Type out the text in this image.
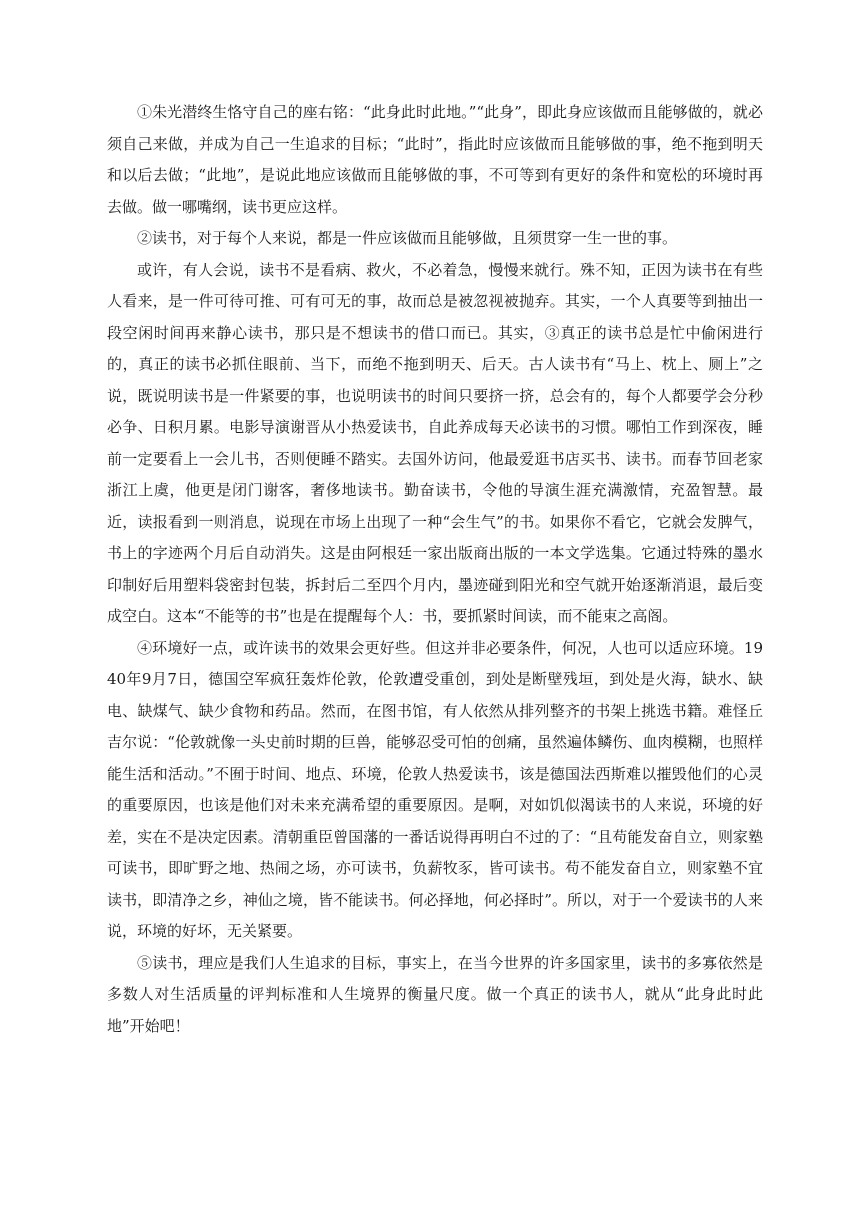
①朱光潜终生恪守自己的座右铭：“此身此时此地。”“此身”，即此身应该做而且能够做的，就必须自己来做，并成为自己一生追求的目标；“此时”，指此时应该做而且能够做的事，绝不拖到明天和以后去做；“此地”，是说此地应该做而且能够做的事，不可等到有更好的条件和宽松的环境时再去做。做一哪嘴纲，读书更应这样。

②读书，对于每个人来说，都是一件应该做而且能够做，且须贯穿一生一世的事。

或许，有人会说，读书不是看病、救火，不必着急，慢慢来就行。殊不知，正因为读书在有些人看来，是一件可待可推、可有可无的事，故而总是被忽视被抛弃。其实，一个人真要等到抽出一段空闲时间再来静心读书，那只是不想读书的借口而已。其实，③真正的读书总是忙中偷闲进行的，真正的读书必抓住眼前、当下，而绝不拖到明天、后天。古人读书有“马上、枕上、厕上”之说，既说明读书是一件紧要的事，也说明读书的时间只要挤一挤，总会有的，每个人都要学会分秒必争、日积月累。电影导演谢晋从小热爱读书，自此养成每天必读书的习惯。哪怕工作到深夜，睡前一定要看上一会儿书，否则便睡不踏实。去国外访问，他最爱逛书店买书、读书。而春节回老家浙江上虞，他更是闭门谢客，奢侈地读书。勤奋读书，令他的导演生涯充满激情，充盈智慧。最近，读报看到一则消息，说现在市场上出现了一种“会生气”的书。如果你不看它，它就会发脾气，书上的字迹两个月后自动消失。这是由阿根廷一家出版商出版的一本文学选集。它通过特殊的墨水印制好后用塑料袋密封包装，拆封后二至四个月内，墨迹碰到阳光和空气就开始逐渐消退，最后变成空白。这本“不能等的书”也是在提醒每个人：书，要抓紧时间读，而不能束之高阁。

④环境好一点，或许读书的效果会更好些。但这并非必要条件，何况，人也可以适应环境。1940年9月7日，德国空军疯狂轰炸伦敦，伦敦遭受重创，到处是断壁残垣，到处是火海，缺水、缺电、缺煤气、缺少食物和药品。然而，在图书馆，有人依然从排列整齐的书架上挑选书籍。难怪丘吉尔说：“伦敦就像一头史前时期的巨兽，能够忍受可怕的创痛，虽然遍体鳞伤、血肉模糊，也照样能生活和活动。”不囿于时间、地点、环境，伦敦人热爱读书，该是德国法西斯难以摧毁他们的心灵的重要原因，也该是他们对未来充满希望的重要原因。是啊，对如饥似渴读书的人来说，环境的好差，实在不是决定因素。清朝重臣曾国藩的一番话说得再明白不过的了：“且苟能发奋自立，则家塾可读书，即旷野之地、热闹之场，亦可读书，负薪牧豕，皆可读书。苟不能发奋自立，则家塾不宜读书，即清净之乡，神仙之境，皆不能读书。何必择地，何必择时”。所以，对于一个爱读书的人来说，环境的好坏，无关紧要。

⑤读书，理应是我们人生追求的目标，事实上，在当今世界的许多国家里，读书的多寡依然是多数人对生活质量的评判标准和人生境界的衡量尺度。做一个真正的读书人，就从“此身此时此地”开始吧！
